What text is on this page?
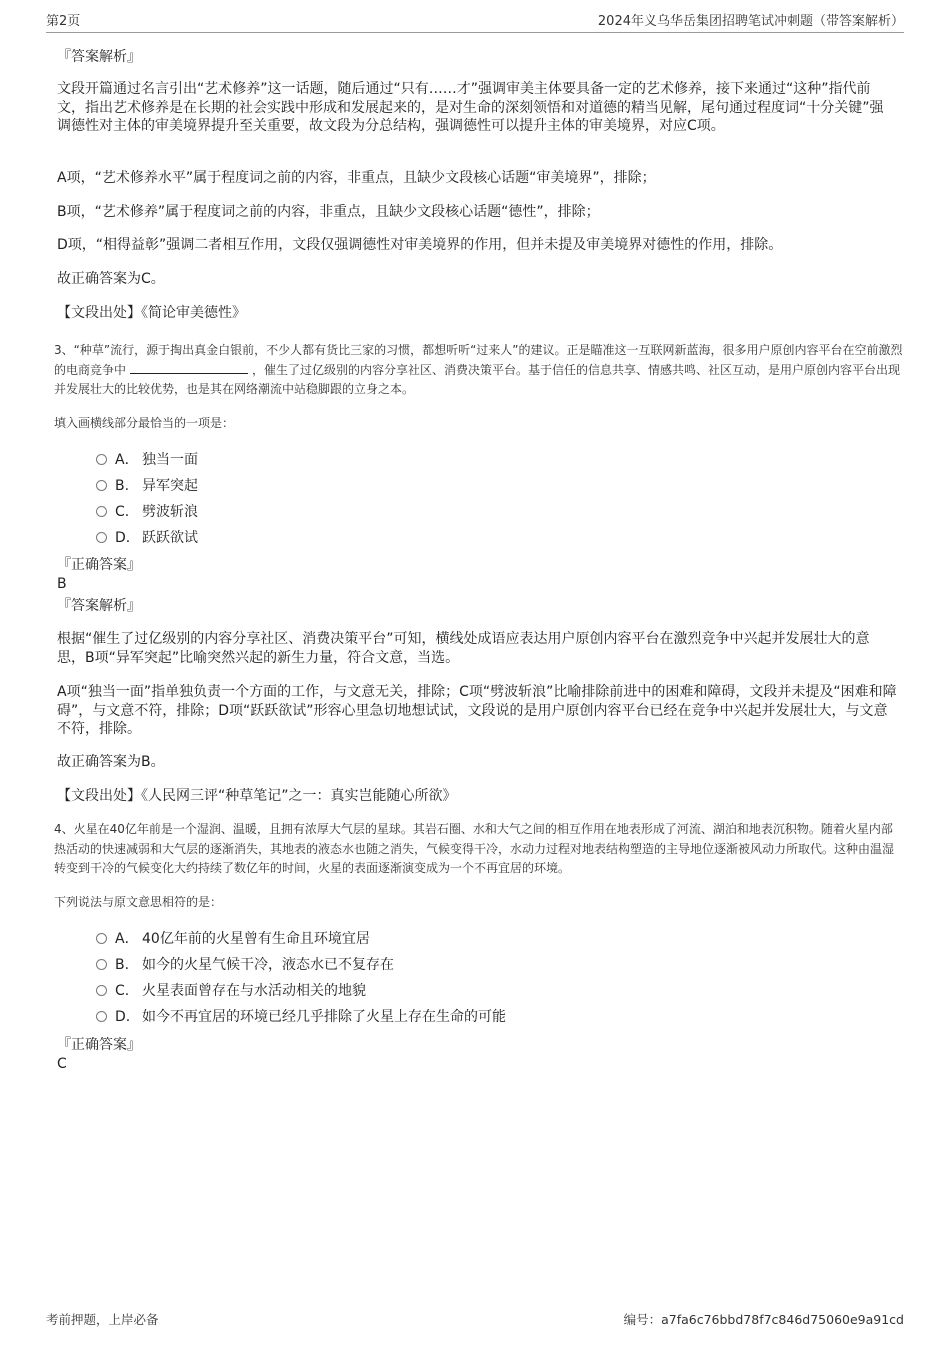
第2页	2024年义乌华岳集团招聘笔试冲刺题（带答案解析）

『答案解析』

文段开篇通过名言引出“艺术修养”这一话题，随后通过“只有……才”强调审美主体要具备一定的艺术修养，接下来通过“这种”指代前文，指出艺术修养是在长期的社会实践中形成和发展起来的，是对生命的深刻领悟和对道德的精当见解，尾句通过程度词“十分关键”强调德性对主体的审美境界提升至关重要，故文段为分总结构，强调德性可以提升主体的审美境界，对应C项。

A项，“艺术修养水平”属于程度词之前的内容，非重点，且缺少文段核心话题“审美境界”，排除；

B项，“艺术修养”属于程度词之前的内容，非重点，且缺少文段核心话题“德性”，排除；

D项，“相得益彰”强调二者相互作用，文段仅强调德性对审美境界的作用，但并未提及审美境界对德性的作用，排除。

故正确答案为C。

【文段出处】《简论审美德性》

3、“种草”流行，源于掏出真金白银前，不少人都有货比三家的习惯，都想听听“过来人”的建议。正是瞄准这一互联网新蓝海，很多用户原创内容平台在空前激烈的电商竞争中	，催生了过亿级别的内容分享社区、消费决策平台。基于信任的信息共享、情感共鸣、社区互动，是用户原创内容平台出现并发展壮大的比较优势，也是其在网络潮流中站稳脚跟的立身之本。

填入画横线部分最恰当的一项是：

A． 独当一面
B. 异军突起
C. 劈波斩浪
D. 跃跃欲试

『正确答案』

B

『答案解析』

根据“催生了过亿级别的内容分享社区、消费决策平台”可知，横线处成语应表达用户原创内容平台在激烈竞争中兴起并发展壮大的意思，B项“异军突起”比喻突然兴起的新生力量，符合文意，当选。

A项“独当一面”指单独负责一个方面的工作，与文意无关，排除；C项“劈波斩浪”比喻排除前进中的困难和障碍，文段并未提及“困难和障碍”，与文意不符，排除；D项“跃跃欲试”形容心里急切地想试试，文段说的是用户原创内容平台已经在竞争中兴起并发展壮大，与文意不符，排除。

故正确答案为B。

【文段出处】《人民网三评“种草笔记”之一：真实岂能随心所欲》

4、火星在40亿年前是一个湿润、温暖，且拥有浓厚大气层的星球。其岩石圈、水和大气之间的相互作用在地表形成了河流、湖泊和地表沉积物。随着火星内部热活动的快速减弱和大气层的逐渐消失，其地表的液态水也随之消失，气候变得干冷，水动力过程对地表结构塑造的主导地位逐渐被风动力所取代。这种由温湿转变到干冷的气候变化大约持续了数亿年的时间，火星的表面逐渐演变成为一个不再宜居的环境。

下列说法与原文意思相符的是：

A． 40亿年前的火星曾有生命且环境宜居
B. 如今的火星气候干冷，液态水已不复存在
C. 火星表面曾存在与水活动相关的地貌
D. 如今不再宜居的环境已经几乎排除了火星上存在生命的可能

『正确答案』

C

考前押题，上岸必备	编号：a7fa6c76bbd78f7c846d75060e9a91cd
